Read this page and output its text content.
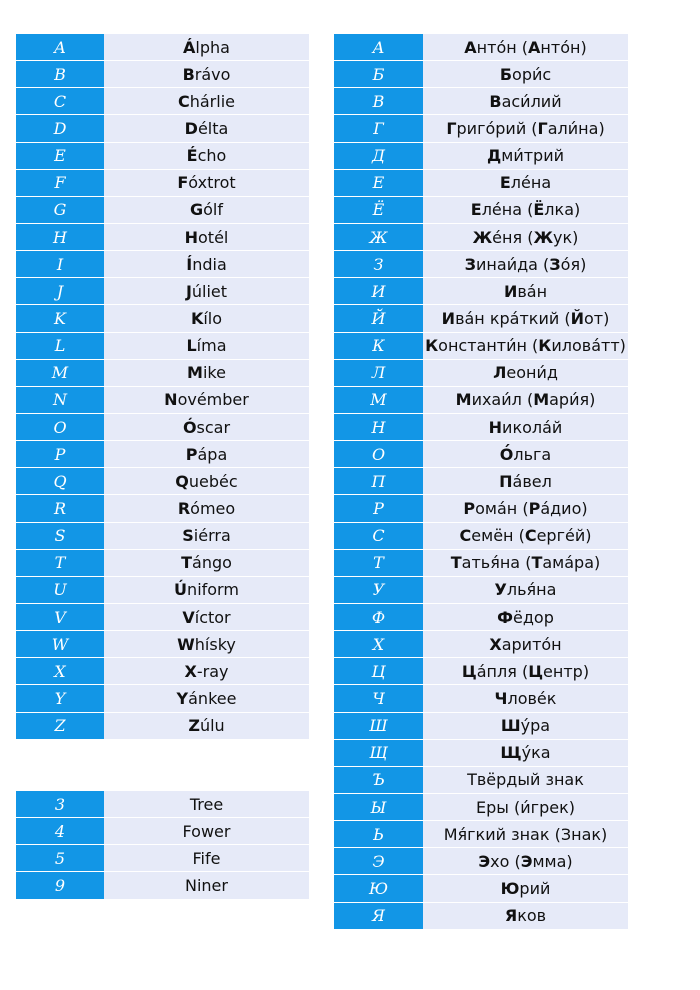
A	Álpha
B	Brávo
C	Chárlie
D	Délta
E	Écho
F	Fóxtrot
G	Gólf
H	Hotél
I	Índia
J	Júliet
K	Kílo
L	Líma
M	Mike
N	Novémber
O	Óscar
P	Pápa
Q	Quebéc
R	Rómeo
S	Siérra
T	Tángo
U	Úniform
V	Víctor
W	Whísky
X	X-ray
Y	Yánkee
Z	Zúlu
3	Tree
4	Fower
5	Fife
9	Niner
А	Анто́н (Анто́н)
Б	Бори́с
В	Васи́лий
Г	Григо́рий (Гали́на)
Д	Дми́трий
Е	Еле́на
Ё	Еле́на (Ёлка)
Ж	Же́ня (Жук)
З	Зинаи́да (Зо́я)
И	Ива́н
Й	Ива́н кра́ткий (Йот)
К	Константи́н (Килова́тт)
Л	Леони́д
М	Михаи́л (Мари́я)
Н	Никола́й
О	О́льга
П	Па́вел
Р	Рома́н (Ра́дио)
С	Семён (Серге́й)
Т	Татья́на (Тама́ра)
У	Улья́на
Ф	Фёдор
Х	Харито́н
Ц	Ца́пля (Центр)
Ч	Члове́к
Ш	Шу́ра
Щ	Щу́ка
Ъ	Твёрдый знак
Ы	Еры (и́грек)
Ь	Мя́гкий знак (Знак)
Э	Эхо (Эмма)
Ю	Юрий
Я	Яков
